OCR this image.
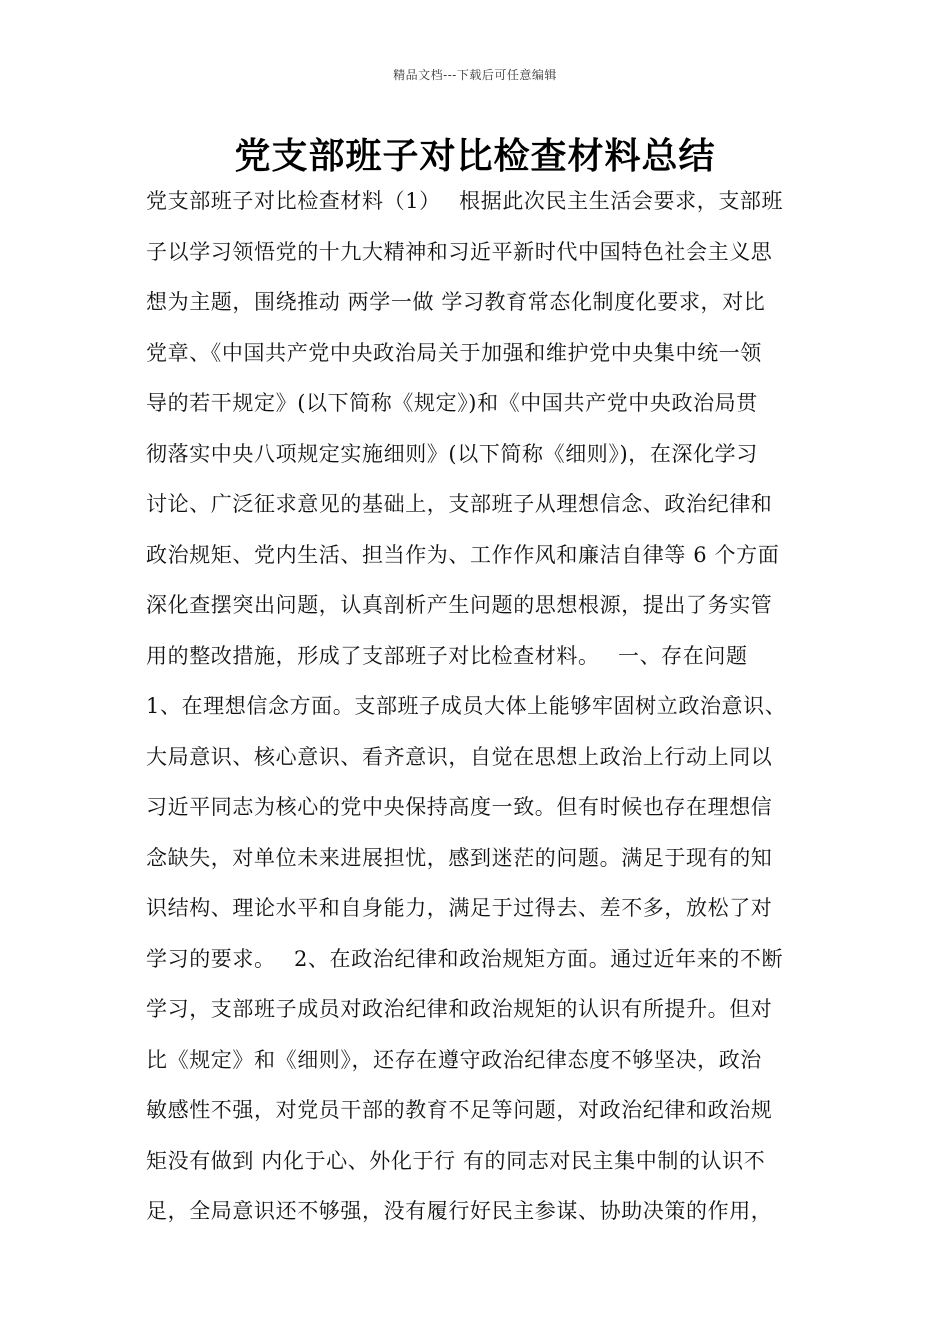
精品文档---下载后可任意编辑
党支部班子对比检查材料总结
党支部班子对比检查材料（1）　 根据此次民主生活会要求，支部班
子以学习领悟党的十九大精神和习近平新时代中国特色社会主义思
想为主题，围绕推动 两学一做 学习教育常态化制度化要求，对比
党章、《中国共产党中央政治局关于加强和维护党中央集中统一领
导的若干规定》(以下简称《规定》)和《中国共产党中央政治局贯
彻落实中央八项规定实施细则》(以下简称《细则》)，在深化学习
讨论、广泛征求意见的基础上，支部班子从理想信念、政治纪律和
政治规矩、党内生活、担当作为、工作作风和廉洁自律等 6 个方面
深化查摆突出问题，认真剖析产生问题的思想根源，提出了务实管
用的整改措施，形成了支部班子对比检查材料。　 一、存在问题
1、在理想信念方面。支部班子成员大体上能够牢固树立政治意识、
大局意识、核心意识、看齐意识，自觉在思想上政治上行动上同以
习近平同志为核心的党中央保持高度一致。但有时候也存在理想信
念缺失，对单位未来进展担忧，感到迷茫的问题。满足于现有的知
识结构、理论水平和自身能力，满足于过得去、差不多，放松了对
学习的要求。　 2、在政治纪律和政治规矩方面。通过近年来的不断
学习，支部班子成员对政治纪律和政治规矩的认识有所提升。但对
比《规定》和《细则》，还存在遵守政治纪律态度不够坚决，政治
敏感性不强，对党员干部的教育不足等问题，对政治纪律和政治规
矩没有做到 内化于心、外化于行 有的同志对民主集中制的认识不
足，全局意识还不够强，没有履行好民主参谋、协助决策的作用，
